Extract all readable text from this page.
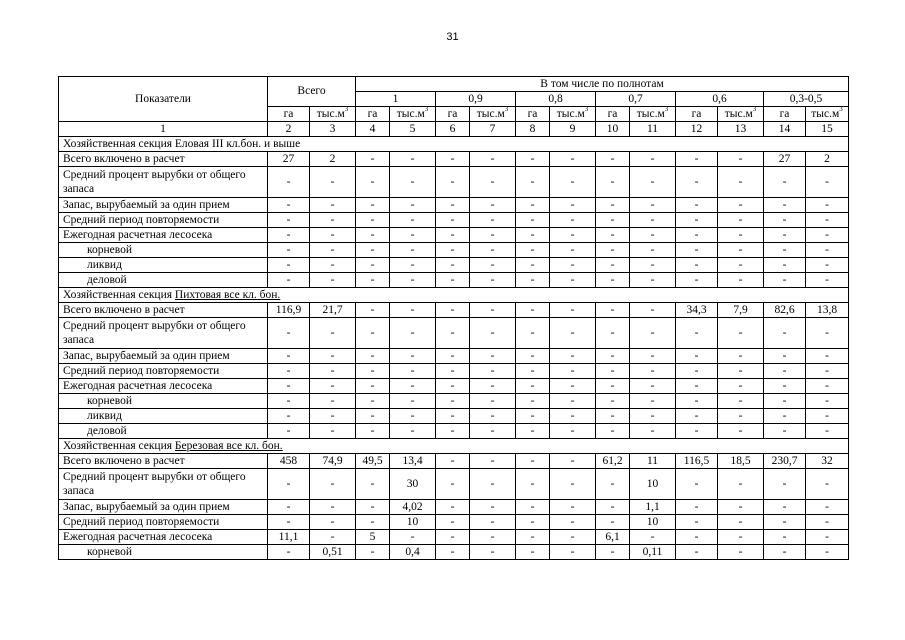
31
Показатели	Всего		В том числе по полнотам											
			1		0,9		0,8		0,7		0,6		0,3-0,5	
	га	$тыс.м^3$	га	$тыс.м^3$	га	$тыс.м^3$	га	$тыс.м^3$	га	$тыс.м^3$	га	$тыс.м^3$	га	$тыс.м^3$
1	2	3	4	5	6	7	8	9	10	11	12	13	14	15
Хозяйственная секция Еловая III кл.бон. и выше														
Всего включено в расчет	27	2	-	-	-	-	-	-	-	-	-	-	27	2
Средний процент вырубки от общего запаса	-	-	-	-	-	-	-	-	-	-	-	-	-	-
Запас, вырубаемый за один прием	-	-	-	-	-	-	-	-	-	-	-	-	-	-
Средний период повторяемости	-	-	-	-	-	-	-	-	-	-	-	-	-	-
Ежегодная расчетная лесосека	-	-	-	-	-	-	-	-	-	-	-	-	-	-
корневой	-	-	-	-	-	-	-	-	-	-	-	-	-	-
ликвид	-	-	-	-	-	-	-	-	-	-	-	-	-	-
деловой	-	-	-	-	-	-	-	-	-	-	-	-	-	-
Хозяйственная секция Пихтовая все кл. бон.														
Всего включено в расчет	116,9	21,7	-	-	-	-	-	-	-	-	34,3	7,9	82,6	13,8
Средний процент вырубки от общего запаса	-	-	-	-	-	-	-	-	-	-	-	-	-	-
Запас, вырубаемый за один прием	-	-	-	-	-	-	-	-	-	-	-	-	-	-
Средний период повторяемости	-	-	-	-	-	-	-	-	-	-	-	-	-	-
Ежегодная расчетная лесосека	-	-	-	-	-	-	-	-	-	-	-	-	-	-
корневой	-	-	-	-	-	-	-	-	-	-	-	-	-	-
ликвид	-	-	-	-	-	-	-	-	-	-	-	-	-	-
деловой	-	-	-	-	-	-	-	-	-	-	-	-	-	-
Хозяйственная секция Березовая все кл. бон.														
Всего включено в расчет	458	74,9	49,5	13,4	-	-	-	-	61,2	11	116,5	18,5	230,7	32
Средний процент вырубки от общего запаса	-	-	-	30	-	-	-	-	-	10	-	-	-	-
Запас, вырубаемый за один прием	-	-	-	4,02	-	-	-	-	-	1,1	-	-	-	-
Средний период повторяемости	-	-	-	10	-	-	-	-	-	10	-	-	-	-
Ежегодная расчетная лесосека	11,1	-	5	-	-	-	-	-	6,1	-	-	-	-	-
корневой	-	0,51	-	0,4	-	-	-	-	-	0,11	-	-	-	-
